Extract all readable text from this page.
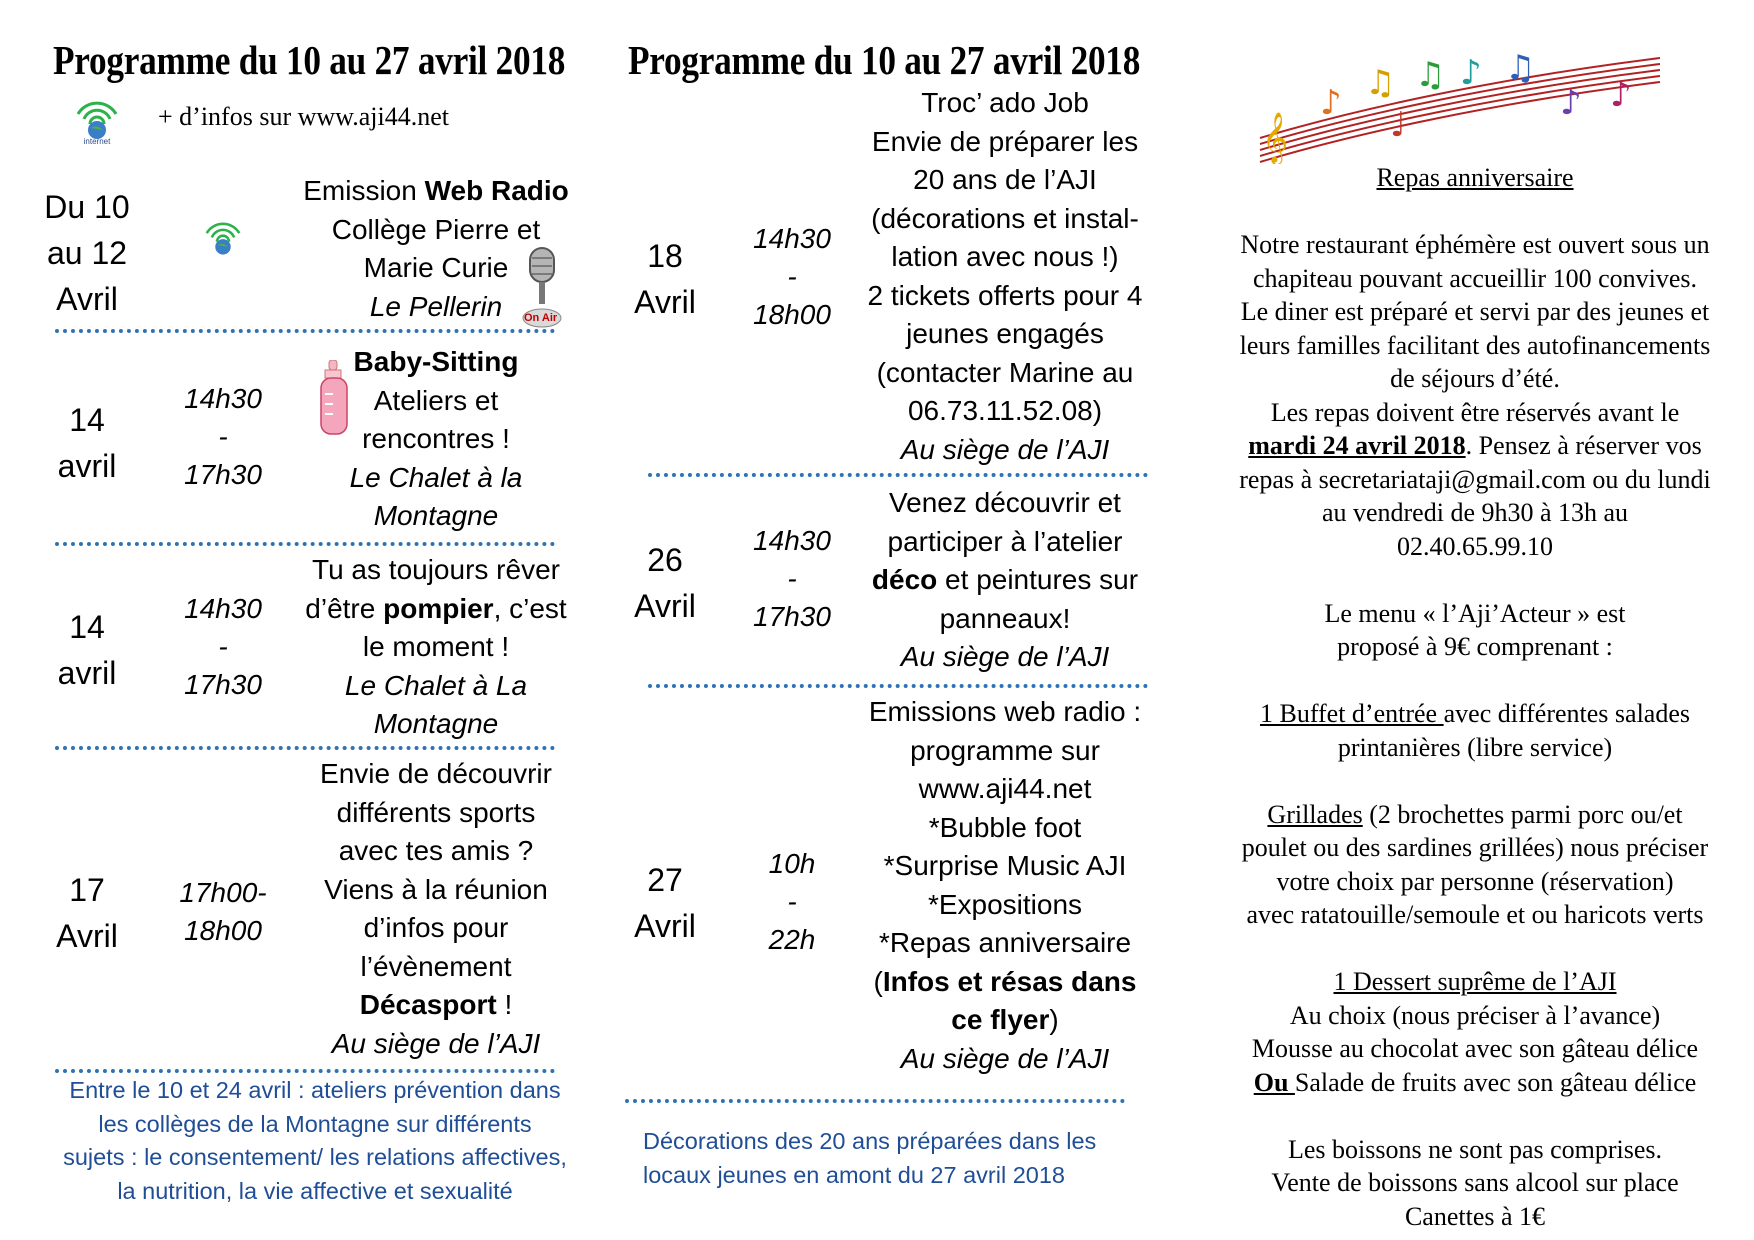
Programme du 10 au 27 avril 2018
internet
+ d’infos sur www.aji44.net
Du 10
au 12
Avril
Emission Web Radio
Collège Pierre et
Marie Curie
Le Pellerin	On Air
14
avril
14h30
-
17h30
Baby-Sitting
Ateliers et
rencontres !
Le Chalet à la
Montagne
14
avril
14h30
-
17h30
Tu as toujours rêver
d’être pompier, c’est
le moment !
Le Chalet à La
Montagne
17
Avril
17h00-
18h00
Envie de découvrir
différents sports
avec tes amis ?
Viens à la réunion
d’infos pour
l’évènement
Décasport !
Au siège de l’AJI
Entre le 10 et 24 avril : ateliers prévention dans
les collèges de la Montagne sur différents
sujets : le consentement/ les relations affectives,
la nutrition, la vie affective et sexualité
Programme du 10 au 27 avril 2018
18
Avril
14h30
-
18h00
Troc’ ado Job
Envie de préparer les
20 ans de l’AJI
(décorations et instal-
lation avec nous !)
2 tickets offerts pour 4
jeunes engagés
(contacter Marine au
06.73.11.52.08)
Au siège de l’AJI
26
Avril
14h30
-
17h30
Venez découvrir et
participer à l’atelier
déco et peintures sur
panneaux!
Au siège de l’AJI
27
Avril
10h
-
22h
Emissions web radio :
programme sur
www.aji44.net
*Bubble foot
*Surprise Music AJI
*Expositions
*Repas anniversaire
(Infos et résas dans
ce flyer)
Au siège de l’AJI
Décorations des 20 ans préparées dans les
locaux jeunes en amont du 27 avril 2018
𝄞
♪ ♫ ♫ ♪ ♫
♪ ♪
♩
Repas anniversaire
Notre restaurant éphémère est ouvert sous un
chapiteau pouvant accueillir 100 convives.
Le diner est préparé et servi par des jeunes et
leurs familles facilitant des autofinancements
de séjours d’été.
Les repas doivent être réservés avant le
mardi 24 avril 2018. Pensez à réserver vos
repas à secretariataji@gmail.com ou du lundi
au vendredi de 9h30 à 13h au
02.40.65.99.10
Le menu « l’Aji’Acteur » est
proposé à 9€ comprenant :
1 Buffet d’entrée avec différentes salades
printanières (libre service)
Grillades (2 brochettes parmi porc ou/et
poulet ou des sardines grillées) nous préciser
votre choix par personne (réservation)
avec ratatouille/semoule et ou haricots verts
1 Dessert suprême de l’AJI
Au choix (nous préciser à l’avance)
Mousse au chocolat avec son gâteau délice
Ou Salade de fruits avec son gâteau délice
Les boissons ne sont pas comprises.
Vente de boissons sans alcool sur place
Canettes à 1€
